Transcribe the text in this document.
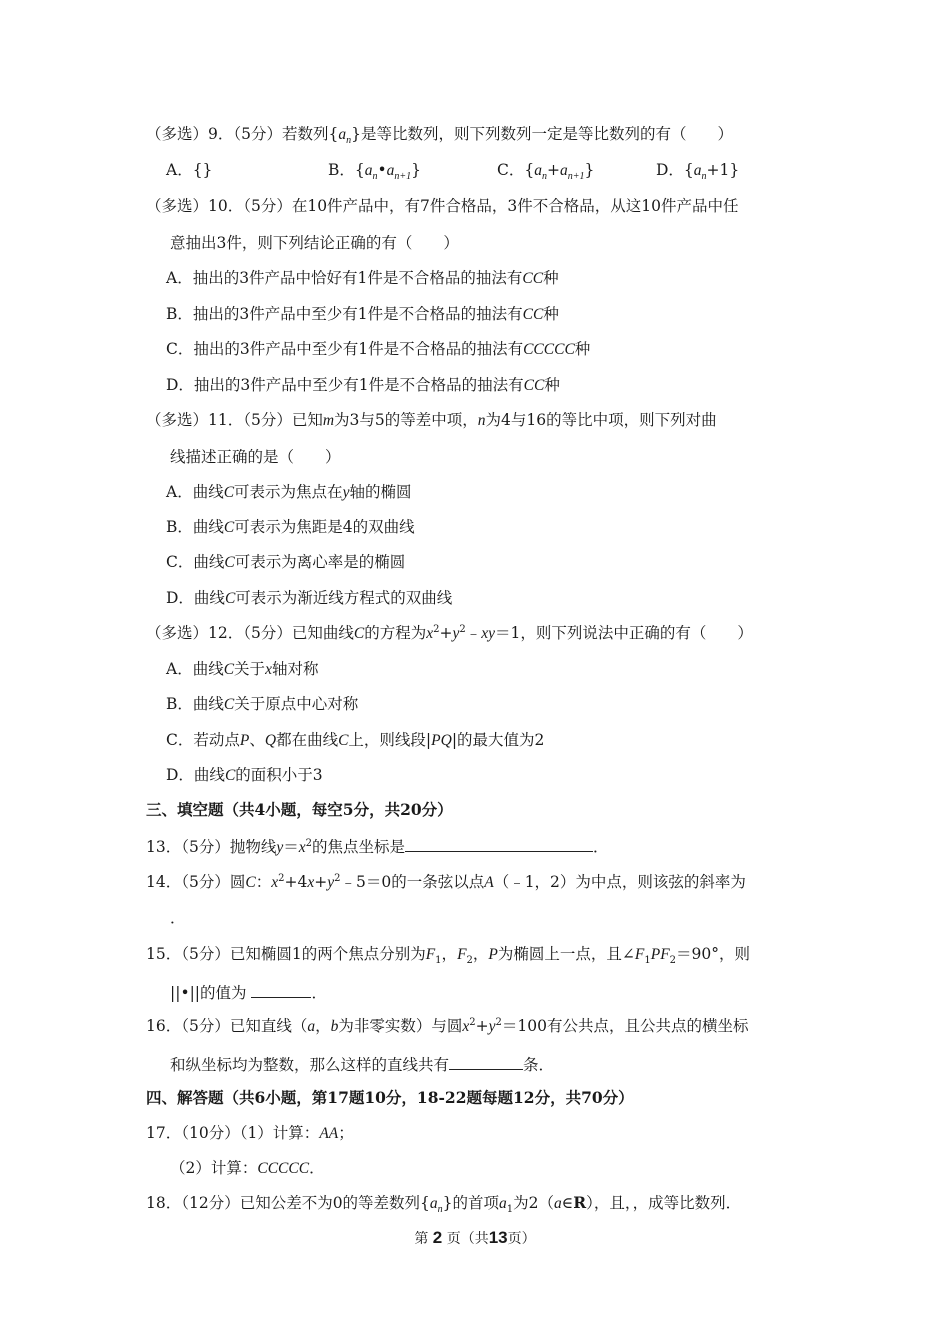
（多选）9．（5分）若数列$\{a_n\}$是等比数列，则下列数列一定是等比数列的有（　　）
A．{}	B．$\{a_n•a_{n+1}\}$	C．$\{a_n+a_{n+1}\}$	D．$\{a_n+1\}$
（多选）10．（5分）在10件产品中，有7件合格品，3件不合格品，从这10件产品中任
意抽出3件，则下列结论正确的有（　　）
A．抽出的3件产品中恰好有1件是不合格品的抽法有CC种
B．抽出的3件产品中至少有1件是不合格品的抽法有CC种
C．抽出的3件产品中至少有1件是不合格品的抽法有CCCCC种
D．抽出的3件产品中至少有1件是不合格品的抽法有CC种
（多选）11．（5分）已知m为3与5的等差中项，n为4与16的等比中项，则下列对曲
线描述正确的是（　　）
A．曲线C可表示为焦点在y轴的椭圆
B．曲线C可表示为焦距是4的双曲线
C．曲线C可表示为离心率是的椭圆
D．曲线C可表示为渐近线方程式的双曲线
（多选）12．（5分）已知曲线C的方程为$x^2+y^2﹣xy=1$，则下列说法中正确的有（　　）
A．曲线C关于x轴对称
B．曲线C关于原点中心对称
C．若动点P、Q都在曲线C上，则线段|PQ|的最大值为2
D．曲线C的面积小于3
三、填空题（共4小题，每空5分，共20分）
13．（5分）抛物线$y=x^2$的焦点坐标是	．
14．（5分）圆C：$x^2+4x+y^2﹣5=0$的一条弦以点A（﹣1，2）为中点，则该弦的斜率为
．
15．（5分）已知椭圆1的两个焦点分别为$F_1$，$F_2$，P为椭圆上一点，且$\angle F_1PF_2=90^\circ$，则
||•||的值为	．
16．（5分）已知直线（a，b为非零实数）与圆$x^2+y^2=100$有公共点，且公共点的横坐标
和纵坐标均为整数，那么这样的直线共有	条．
四、解答题（共6小题，第17题10分，18-22题每题12分，共70分）
17．（10分）（1）计算：AA；
（2）计算：CCCCC．
18．（12分）已知公差不为0的等差数列$\{a_n\}$的首项$a_1$为2（a∈R），且，，成等比数列．
第 2 页（共13页）
